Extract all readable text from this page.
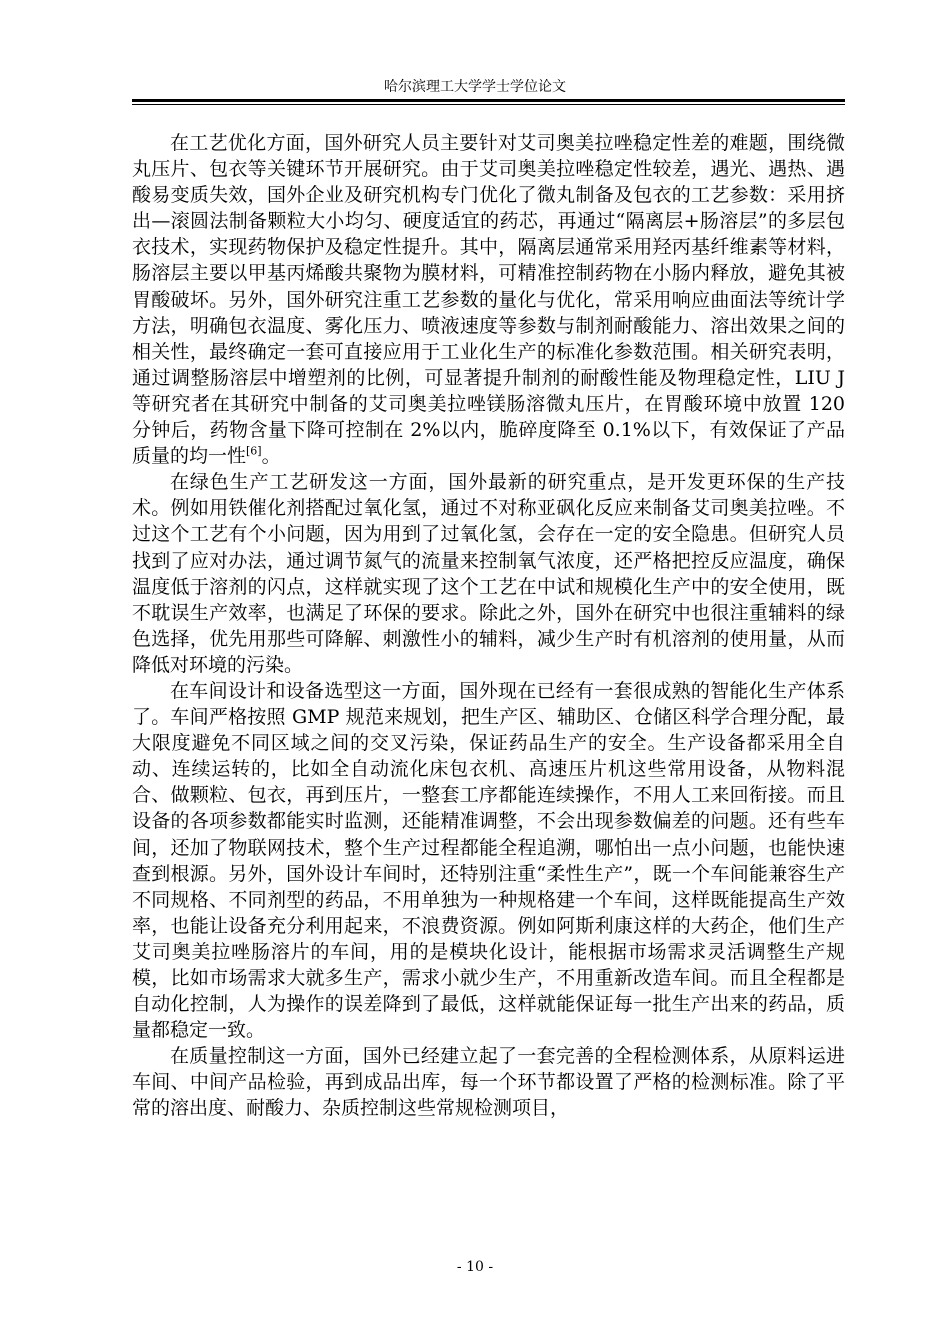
哈尔滨理工大学学士学位论文

在工艺优化方面，国外研究人员主要针对艾司奥美拉唑稳定性差的难题，围绕微丸压片、包衣等关键环节开展研究。由于艾司奥美拉唑稳定性较差，遇光、遇热、遇酸易变质失效，国外企业及研究机构专门优化了微丸制备及包衣的工艺参数：采用挤出—滚圆法制备颗粒大小均匀、硬度适宜的药芯，再通过“隔离层+肠溶层”的多层包衣技术，实现药物保护及稳定性提升。其中，隔离层通常采用羟丙基纤维素等材料，肠溶层主要以甲基丙烯酸共聚物为膜材料，可精准控制药物在小肠内释放，避免其被胃酸破坏。另外，国外研究注重工艺参数的量化与优化，常采用响应曲面法等统计学方法，明确包衣温度、雾化压力、喷液速度等参数与制剂耐酸能力、溶出效果之间的相关性，最终确定一套可直接应用于工业化生产的标准化参数范围。相关研究表明，通过调整肠溶层中增塑剂的比例，可显著提升制剂的耐酸性能及物理稳定性，LIU J 等研究者在其研究中制备的艾司奥美拉唑镁肠溶微丸压片，在胃酸环境中放置 120 分钟后，药物含量下降可控制在 2%以内，脆碎度降至 0.1%以下，有效保证了产品质量的均一性[6]。

在绿色生产工艺研发这一方面，国外最新的研究重点，是开发更环保的生产技术。例如用铁催化剂搭配过氧化氢，通过不对称亚砜化反应来制备艾司奥美拉唑。不过这个工艺有个小问题，因为用到了过氧化氢，会存在一定的安全隐患。但研究人员找到了应对办法，通过调节氮气的流量来控制氧气浓度，还严格把控反应温度，确保温度低于溶剂的闪点，这样就实现了这个工艺在中试和规模化生产中的安全使用，既不耽误生产效率，也满足了环保的要求。除此之外，国外在研究中也很注重辅料的绿色选择，优先用那些可降解、刺激性小的辅料，减少生产时有机溶剂的使用量，从而降低对环境的污染。

在车间设计和设备选型这一方面，国外现在已经有一套很成熟的智能化生产体系了。车间严格按照 GMP 规范来规划，把生产区、辅助区、仓储区科学合理分配，最大限度避免不同区域之间的交叉污染，保证药品生产的安全。生产设备都采用全自动、连续运转的，比如全自动流化床包衣机、高速压片机这些常用设备，从物料混合、做颗粒、包衣，再到压片，一整套工序都能连续操作，不用人工来回衔接。而且设备的各项参数都能实时监测，还能精准调整，不会出现参数偏差的问题。还有些车间，还加了物联网技术，整个生产过程都能全程追溯，哪怕出一点小问题，也能快速查到根源。另外，国外设计车间时，还特别注重“柔性生产”，既一个车间能兼容生产不同规格、不同剂型的药品，不用单独为一种规格建一个车间，这样既能提高生产效率，也能让设备充分利用起来，不浪费资源。例如阿斯利康这样的大药企，他们生产艾司奥美拉唑肠溶片的车间，用的是模块化设计，能根据市场需求灵活调整生产规模，比如市场需求大就多生产，需求小就少生产，不用重新改造车间。而且全程都是自动化控制，人为操作的误差降到了最低，这样就能保证每一批生产出来的药品，质量都稳定一致。

在质量控制这一方面，国外已经建立起了一套完善的全程检测体系，从原料运进车间、中间产品检验，再到成品出库，每一个环节都设置了严格的检测标准。除了平常的溶出度、耐酸力、杂质控制这些常规检测项目，

- 10 -
